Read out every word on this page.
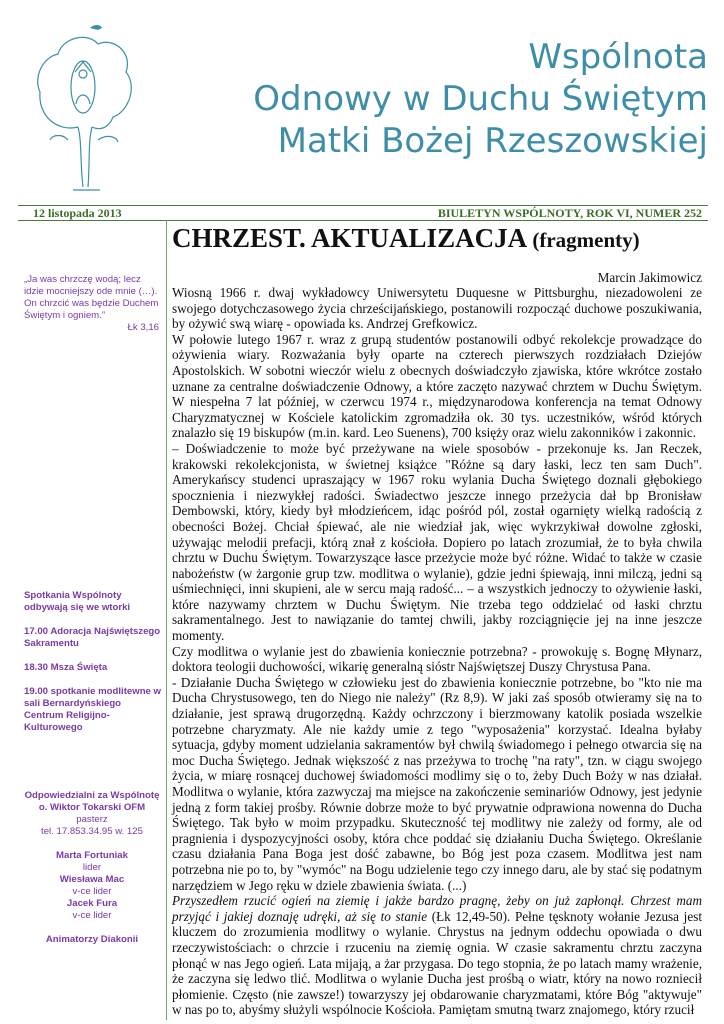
Wspólnota
Odnowy w Duchu Świętym
Matki Bożej Rzeszowskiej
12 listopada 2013	BIULETYN WSPÓLNOTY, ROK VI, NUMER 252
„Ja was chrzczę wodą; lecz idzie mocniejszy ode mnie (…). On chrzcić was będzie Duchem Świętym i ogniem.”
Łk 3,16

Spotkania Wspólnoty odbywają się we wtorki

17.00 Adoracja Najświętszego Sakramentu

18.30 Msza Święta

19.00 spotkanie modlitewne w sali Bernardyńskiego Centrum Religijno-Kulturowego

Odpowiedzialni za Wspólnotę
o. Wiktor Tokarski OFM
pasterz
tel. 17.853.34.95 w. 125
Marta Fortuniak
lider
Wiesława Mac
v-ce lider
Jacek Fura
v-ce lider
Animatorzy Diakonii
CHRZEST. AKTUALIZACJA (fragmenty)
Marcin Jakimowicz

Wiosną 1966 r. dwaj wykładowcy Uniwersytetu Duquesne w Pittsburghu, niezadowoleni ze swojego dotychczasowego życia chrześcijańskiego, postanowili rozpocząć duchowe poszukiwania, by ożywić swą wiarę - opowiada ks. Andrzej Grefkowicz.

W połowie lutego 1967 r. wraz z grupą studentów postanowili odbyć rekolekcje prowadzące do ożywienia wiary. Rozważania były oparte na czterech pierwszych rozdziałach Dziejów Apostolskich. W sobotni wieczór wielu z obecnych doświadczyło zjawiska, które wkrótce zostało uznane za centralne doświadczenie Odnowy, a które zaczęto nazywać chrztem w Duchu Świętym. W niespełna 7 lat później, w czerwcu 1974 r., międzynarodowa konferencja na temat Odnowy Charyzmatycznej w Kościele katolickim zgromadziła ok. 30 tys. uczestników, wśród których znalazło się 19 biskupów (m.in. kard. Leo Suenens), 700 księży oraz wielu zakonników i zakonnic.

– Doświadczenie to może być przeżywane na wiele sposobów - przekonuje ks. Jan Reczek, krakowski rekolekcjonista, w świetnej książce "Różne są dary łaski, lecz ten sam Duch". Amerykańscy studenci upraszający w 1967 roku wylania Ducha Świętego doznali głębokiego spocznienia i niezwykłej radości. Świadectwo jeszcze innego przeżycia dał bp Bronisław Dembowski, który, kiedy był młodzieńcem, idąc pośród pól, został ogarnięty wielką radością z obecności Bożej. Chciał śpiewać, ale nie wiedział jak, więc wykrzykiwał dowolne zgłoski, używając melodii prefacji, którą znał z kościoła. Dopiero po latach zrozumiał, że to była chwila chrztu w Duchu Świętym. Towarzyszące łasce przeżycie może być różne. Widać to także w czasie nabożeństw (w żargonie grup tzw. modlitwa o wylanie), gdzie jedni śpiewają, inni milczą, jedni są uśmiechnięci, inni skupieni, ale w sercu mają radość... – a wszystkich jednoczy to ożywienie łaski, które nazywamy chrztem w Duchu Świętym. Nie trzeba tego oddzielać od łaski chrztu sakramentalnego. Jest to nawiązanie do tamtej chwili, jakby rozciągnięcie jej na inne jeszcze momenty.

Czy modlitwa o wylanie jest do zbawienia koniecznie potrzebna? - prowokuję s. Bognę Młynarz, doktora teologii duchowości, wikarię generalną sióstr Najświętszej Duszy Chrystusa Pana.

- Działanie Ducha Świętego w człowieku jest do zbawienia koniecznie potrzebne, bo "kto nie ma Ducha Chrystusowego, ten do Niego nie należy" (Rz 8,9). W jaki zaś sposób otwieramy się na to działanie, jest sprawą drugorzędną. Każdy ochrzczony i bierzmowany katolik posiada wszelkie potrzebne charyzmaty. Ale nie każdy umie z tego "wyposażenia" korzystać. Idealna byłaby sytuacja, gdyby moment udzielania sakramentów był chwilą świadomego i pełnego otwarcia się na moc Ducha Świętego. Jednak większość z nas przeżywa to trochę "na raty", tzn. w ciągu swojego życia, w miarę rosnącej duchowej świadomości modlimy się o to, żeby Duch Boży w nas działał. Modlitwa o wylanie, która zazwyczaj ma miejsce na zakończenie seminariów Odnowy, jest jedynie jedną z form takiej prośby. Równie dobrze może to być prywatnie odprawiona nowenna do Ducha Świętego. Tak było w moim przypadku. Skuteczność tej modlitwy nie zależy od formy, ale od pragnienia i dyspozycyjności osoby, która chce poddać się działaniu Ducha Świętego. Określanie czasu działania Pana Boga jest dość zabawne, bo Bóg jest poza czasem. Modlitwa jest nam potrzebna nie po to, by "wymóc" na Bogu udzielenie tego czy innego daru, ale by stać się podatnym narzędziem w Jego ręku w dziele zbawienia świata. (...)

Przyszedłem rzucić ogień na ziemię i jakże bardzo pragnę, żeby on już zapłonął. Chrzest mam przyjąć i jakiej doznaję udręki, aż się to stanie (Łk 12,49-50). Pełne tęsknoty wołanie Jezusa jest kluczem do zrozumienia modlitwy o wylanie. Chrystus na jednym oddechu opowiada o dwu rzeczywistościach: o chrzcie i rzuceniu na ziemię ognia. W czasie sakramentu chrztu zaczyna płonąć w nas Jego ogień. Lata mijają, a żar przygasa. Do tego stopnia, że po latach mamy wrażenie, że zaczyna się ledwo tlić. Modlitwa o wylanie Ducha jest prośbą o wiatr, który na nowo rozniecił płomienie. Często (nie zawsze!) towarzyszy jej obdarowanie charyzmatami, które Bóg "aktywuje" w nas po to, abyśmy służyli wspólnocie Kościoła. Pamiętam smutną twarz znajomego, który rzucił
